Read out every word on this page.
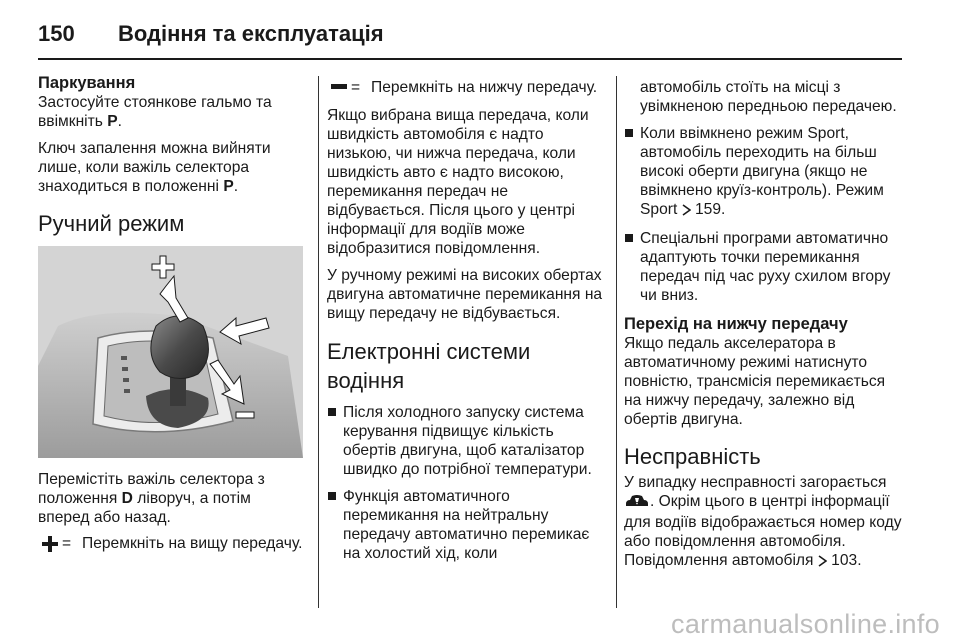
150	Водіння та експлуатація
Паркування

Застосуйте стоянкове гальмо та ввімкніть P.

Ключ запалення можна вийняти лише, коли важіль селектора знаходиться в положенні P.

Ручний режим

Перемістіть важіль селектора з положення D ліворуч, а потім вперед або назад.

= Перемкніть на вищу передачу.
= Перемкніть на нижчу передачу.

Якщо вибрана вища передача, коли швидкість автомобіля є надто низькою, чи нижча передача, коли швидкість авто є надто високою, перемикання передач не відбувається. Після цього у центрі інформації для водіїв може відобразитися повідомлення.

У ручному режимі на високих обертах двигуна автоматичне перемикання на вищу передачу не відбувається.

Електронні системи водіння
Після холодного запуску система керування підвищує кількість обертів двигуна, щоб каталізатор швидко до потрібної температури.
Функція автоматичного перемикання на нейтральну передачу автоматично перемикає на холостий хід, коли

автомобіль стоїть на місці з увімкненою передньою передачею.

Коли ввімкнено режим Sport, автомобіль переходить на більш високі оберти двигуна (якщо не ввімкнено круїз-контроль). Режим Sport 159.
Спеціальні програми автоматично адаптують точки перемикання передач під час руху схилом вгору чи вниз.
Перехід на нижчу передачу

Якщо педаль акселератора в автоматичному режимі натиснуто повністю, трансмісія перемикається на нижчу передачу, залежно від обертів двигуна.

Несправність

У випадку несправності загорається . Окрім цього в центрі інформації для водіїв відображається номер коду або повідомлення автомобіля. Повідомлення автомобіля 103.

carmanualsonline.info
